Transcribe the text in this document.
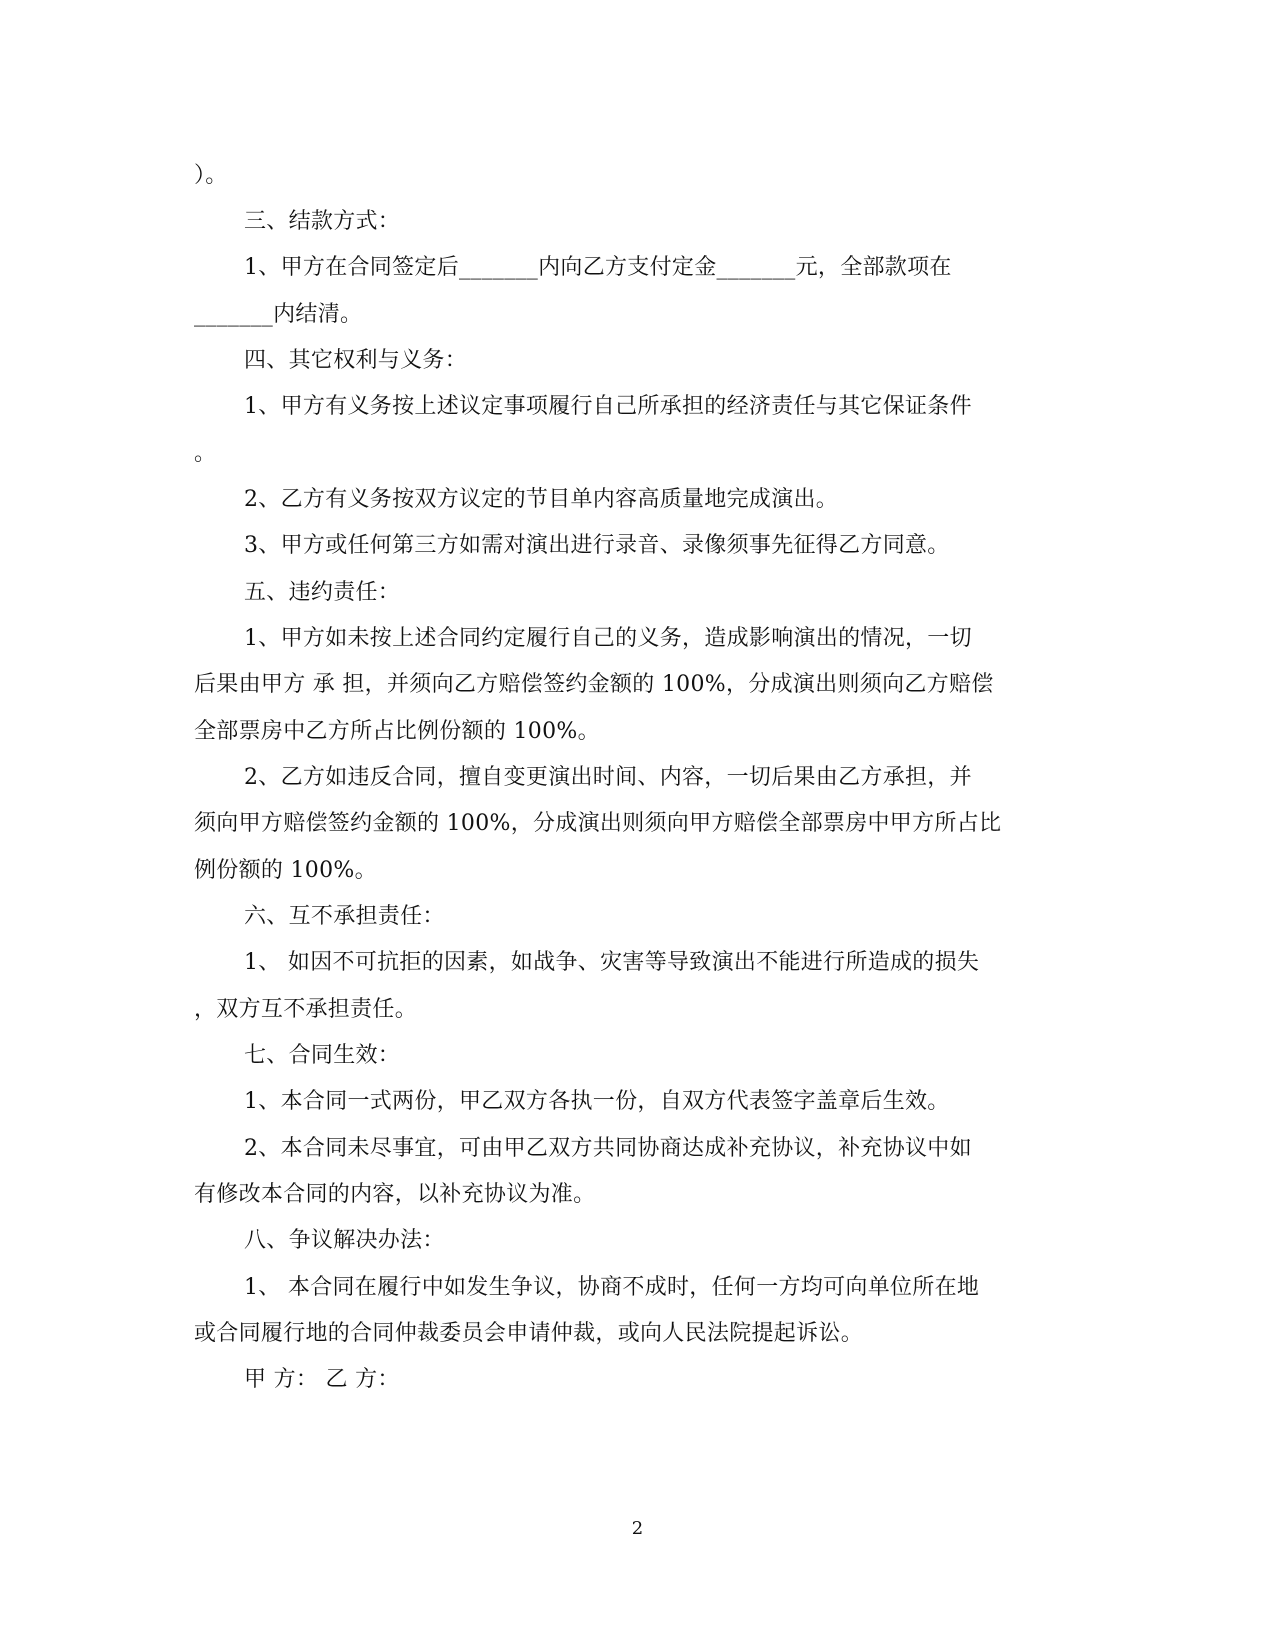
）。
三、结款方式：
1、甲方在合同签定后_______内向乙方支付定金_______元，全部款项在
_______内结清。
四、其它权利与义务：
1、甲方有义务按上述议定事项履行自己所承担的经济责任与其它保证条件
。
2、乙方有义务按双方议定的节目单内容高质量地完成演出。
3、甲方或任何第三方如需对演出进行录音、录像须事先征得乙方同意。
五、违约责任：
1、甲方如未按上述合同约定履行自己的义务，造成影响演出的情况，一切
后果由甲方 承 担，并须向乙方赔偿签约金额的 100%，分成演出则须向乙方赔偿
全部票房中乙方所占比例份额的 100%。
2、乙方如违反合同，擅自变更演出时间、内容，一切后果由乙方承担，并
须向甲方赔偿签约金额的 100%，分成演出则须向甲方赔偿全部票房中甲方所占比
例份额的 100%。
六、互不承担责任：
1、 如因不可抗拒的因素，如战争、灾害等导致演出不能进行所造成的损失
，双方互不承担责任。
七、合同生效：
1、本合同一式两份，甲乙双方各执一份，自双方代表签字盖章后生效。
2、本合同未尽事宜，可由甲乙双方共同协商达成补充协议，补充协议中如
有修改本合同的内容，以补充协议为准。
八、争议解决办法：
1、 本合同在履行中如发生争议，协商不成时，任何一方均可向单位所在地
或合同履行地的合同仲裁委员会申请仲裁，或向人民法院提起诉讼。
甲 方： 乙 方：
2
